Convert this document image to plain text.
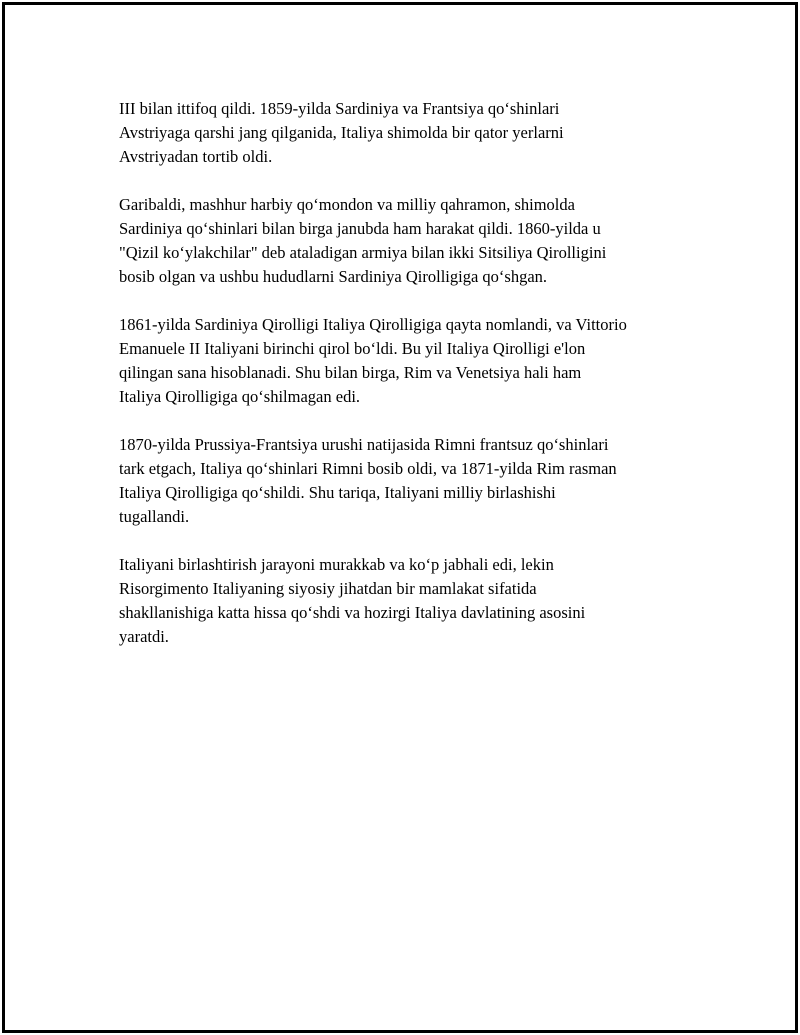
III bilan ittifoq qildi. 1859-yilda Sardiniya va Frantsiya qo‘shinlari
Avstriyaga qarshi jang qilganida, Italiya shimolda bir qator yerlarni
Avstriyadan tortib oldi.

Garibaldi, mashhur harbiy qo‘mondon va milliy qahramon, shimolda
Sardiniya qo‘shinlari bilan birga janubda ham harakat qildi. 1860-yilda u
"Qizil ko‘ylakchilar" deb ataladigan armiya bilan ikki Sitsiliya Qirolligini
bosib olgan va ushbu hududlarni Sardiniya Qirolligiga qo‘shgan.

1861-yilda Sardiniya Qirolligi Italiya Qirolligiga qayta nomlandi, va Vittorio
Emanuele II Italiyani birinchi qirol bo‘ldi. Bu yil Italiya Qirolligi e'lon
qilingan sana hisoblanadi. Shu bilan birga, Rim va Venetsiya hali ham
Italiya Qirolligiga qo‘shilmagan edi.

1870-yilda Prussiya-Frantsiya urushi natijasida Rimni frantsuz qo‘shinlari
tark etgach, Italiya qo‘shinlari Rimni bosib oldi, va 1871-yilda Rim rasman
Italiya Qirolligiga qo‘shildi. Shu tariqa, Italiyani milliy birlashishi
tugallandi.

Italiyani birlashtirish jarayoni murakkab va ko‘p jabhali edi, lekin
Risorgimento Italiyaning siyosiy jihatdan bir mamlakat sifatida
shakllanishiga katta hissa qo‘shdi va hozirgi Italiya davlatining asosini
yaratdi.
